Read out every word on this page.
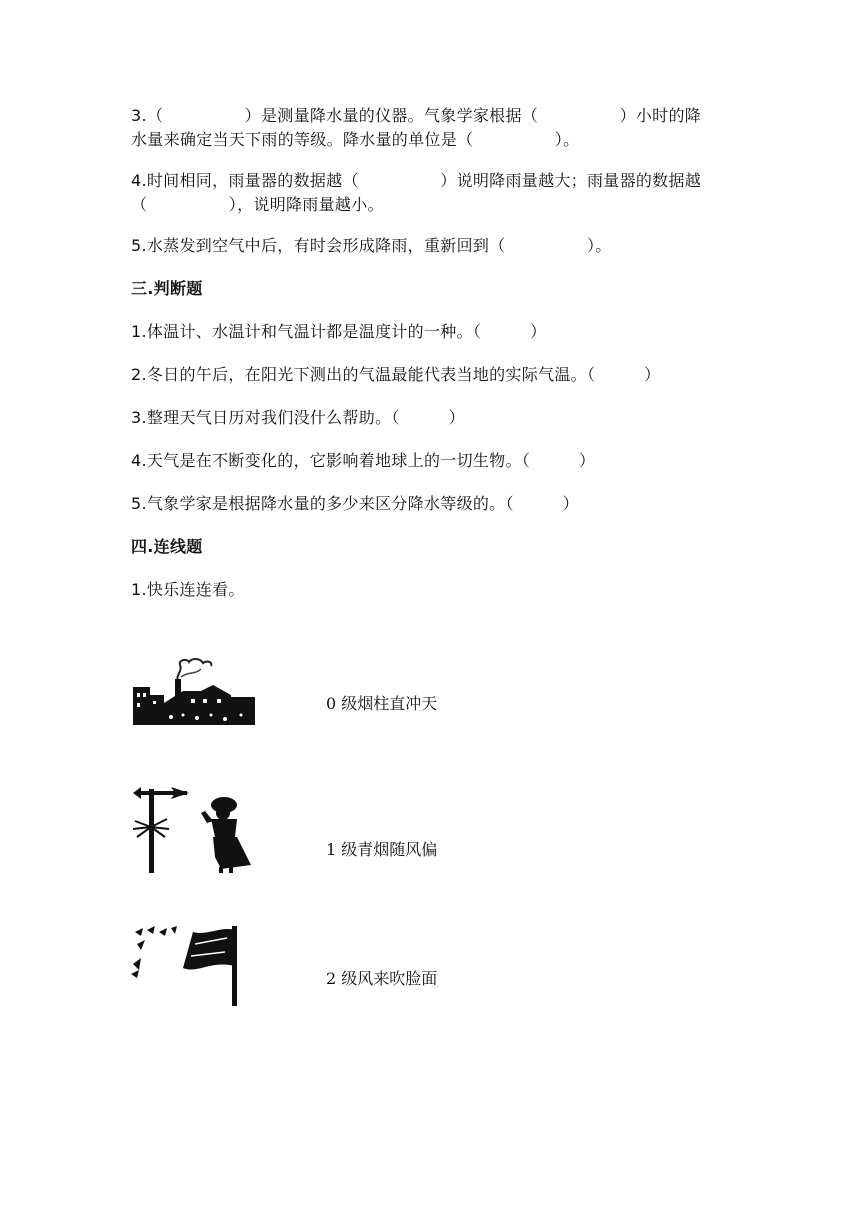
3.（　　　　　）是测量降水量的仪器。气象学家根据（　　　　　）小时的降
水量来确定当天下雨的等级。降水量的单位是（　　　　　）。
4.时间相同，雨量器的数据越（　　　　　）说明降雨量越大；雨量器的数据越
（　　　　　），说明降雨量越小。
5.水蒸发到空气中后，有时会形成降雨，重新回到（　　　　　）。
三.判断题
1.体温计、水温计和气温计都是温度计的一种。（　　　）
2.冬日的午后，在阳光下测出的气温最能代表当地的实际气温。（　　　）
3.整理天气日历对我们没什么帮助。（　　　）
4.天气是在不断变化的，它影响着地球上的一切生物。（　　　）
5.气象学家是根据降水量的多少来区分降水等级的。（　　　）
四.连线题
1.快乐连连看。
0 级烟柱直冲天
1 级青烟随风偏
2 级风来吹脸面
